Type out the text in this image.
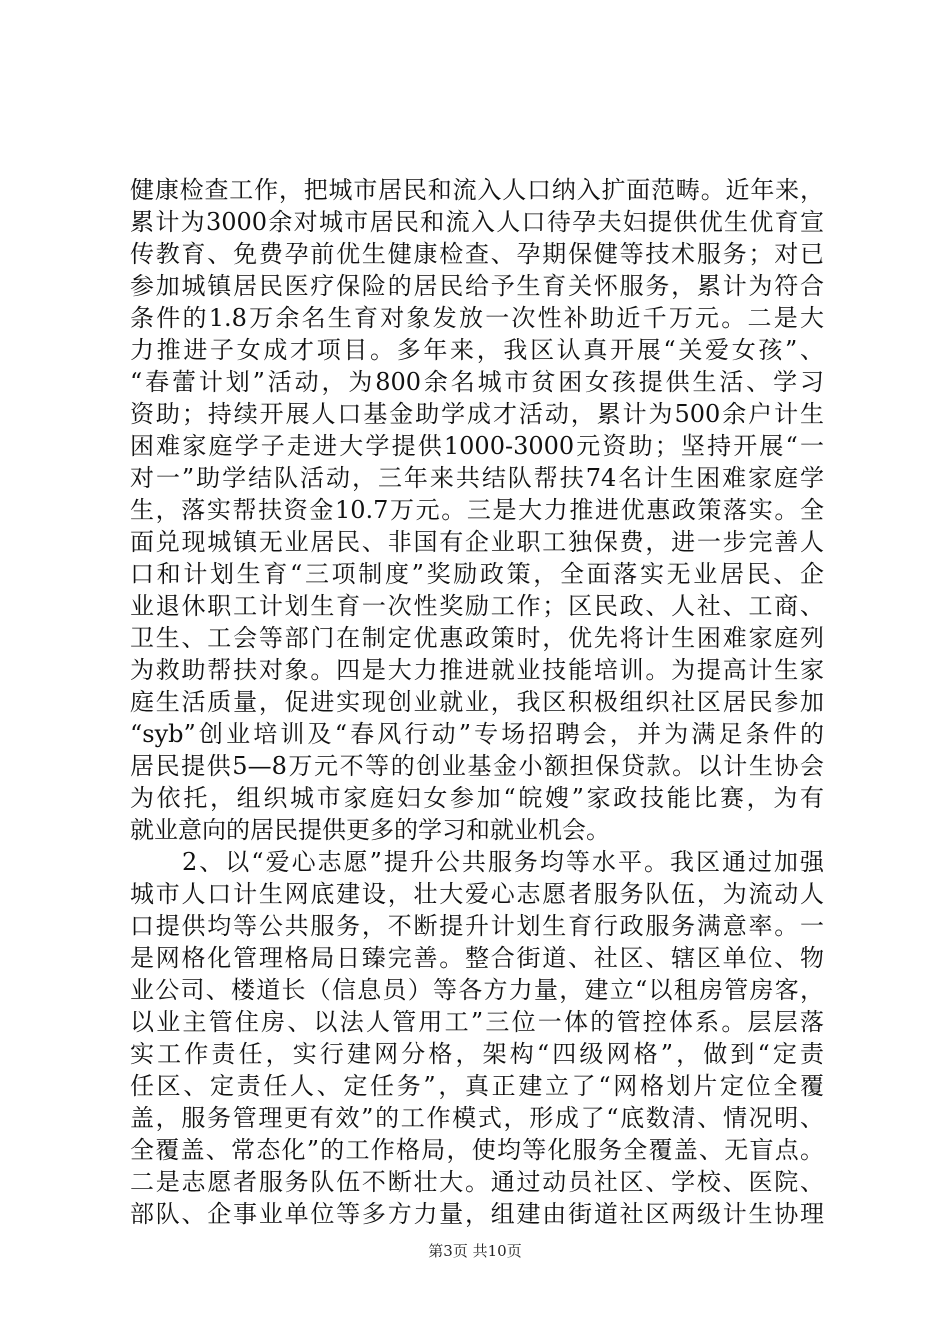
健康检查工作，把城市居民和流入人口纳入扩面范畴。近年来，
累计为3000余对城市居民和流入人口待孕夫妇提供优生优育宣
传教育、免费孕前优生健康检查、孕期保健等技术服务；对已
参加城镇居民医疗保险的居民给予生育关怀服务，累计为符合
条件的1.8万余名生育对象发放一次性补助近千万元。二是大
力推进子女成才项目。多年来，我区认真开展“关爱女孩”、
“春蕾计划”活动，为800余名城市贫困女孩提供生活、学习
资助；持续开展人口基金助学成才活动，累计为500余户计生
困难家庭学子走进大学提供1000-3000元资助；坚持开展“一
对一”助学结队活动，三年来共结队帮扶74名计生困难家庭学
生，落实帮扶资金10.7万元。三是大力推进优惠政策落实。全
面兑现城镇无业居民、非国有企业职工独保费，进一步完善人
口和计划生育“三项制度”奖励政策，全面落实无业居民、企
业退休职工计划生育一次性奖励工作；区民政、人社、工商、
卫生、工会等部门在制定优惠政策时，优先将计生困难家庭列
为救助帮扶对象。四是大力推进就业技能培训。为提高计生家
庭生活质量，促进实现创业就业，我区积极组织社区居民参加
“syb”创业培训及“春风行动”专场招聘会，并为满足条件的
居民提供5—8万元不等的创业基金小额担保贷款。以计生协会
为依托，组织城市家庭妇女参加“皖嫂”家政技能比赛，为有
就业意向的居民提供更多的学习和就业机会。
　　2、以“爱心志愿”提升公共服务均等水平。我区通过加强
城市人口计生网底建设，壮大爱心志愿者服务队伍，为流动人
口提供均等公共服务，不断提升计划生育行政服务满意率。一
是网格化管理格局日臻完善。整合街道、社区、辖区单位、物
业公司、楼道长（信息员）等各方力量，建立“以租房管房客，
以业主管住房、以法人管用工”三位一体的管控体系。层层落
实工作责任，实行建网分格，架构“四级网格”，做到“定责
任区、定责任人、定任务”，真正建立了“网格划片定位全覆
盖，服务管理更有效”的工作模式，形成了“底数清、情况明、
全覆盖、常态化”的工作格局，使均等化服务全覆盖、无盲点。
二是志愿者服务队伍不断壮大。通过动员社区、学校、医院、
部队、企事业单位等多方力量，组建由街道社区两级计生协理
第3页 共10页
